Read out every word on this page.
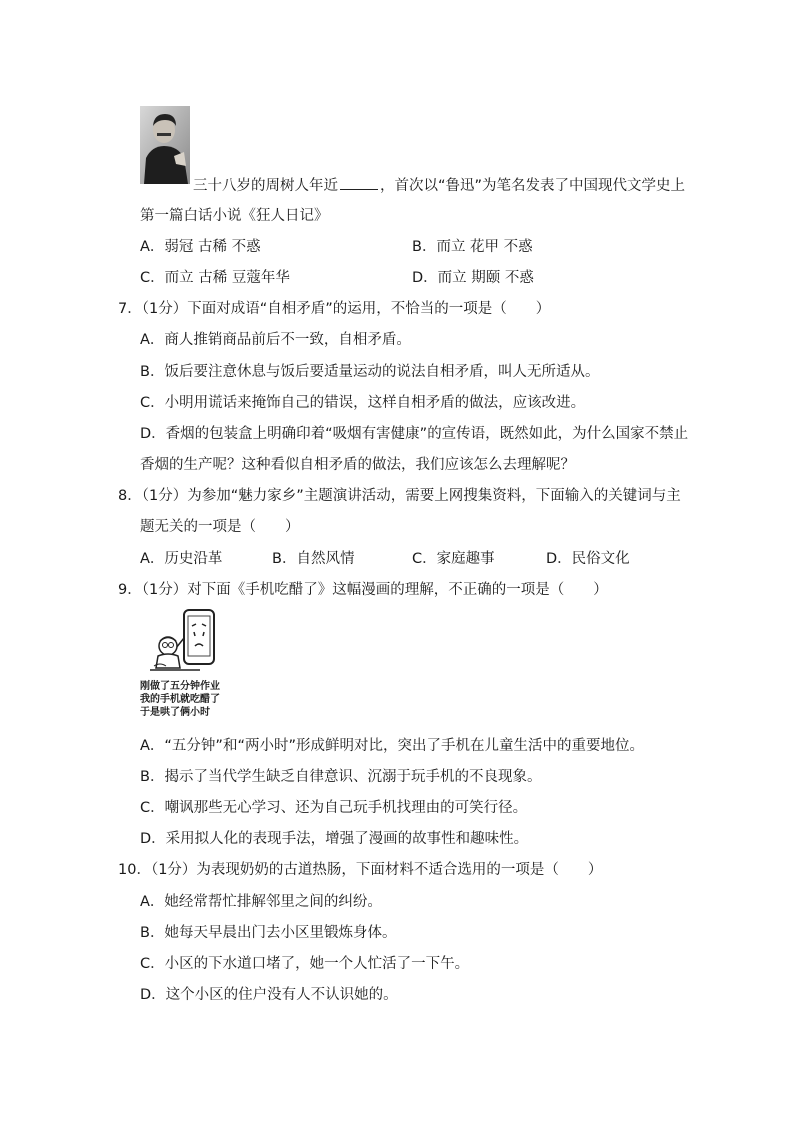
三十八岁的周树人年近	，首次以“鲁迅”为笔名发表了中国现代文学史上
第一篇白话小说《狂人日记》
A．弱冠 古稀 不惑	B．而立 花甲 不惑
C．而立 古稀 豆蔻年华	D．而立 期颐 不惑
7．（1分）下面对成语“自相矛盾”的运用，不恰当的一项是（　　）
A．商人推销商品前后不一致，自相矛盾。
B．饭后要注意休息与饭后要适量运动的说法自相矛盾，叫人无所适从。
C．小明用谎话来掩饰自己的错误，这样自相矛盾的做法，应该改进。
D．香烟的包装盒上明确印着“吸烟有害健康”的宣传语，既然如此，为什么国家不禁止
香烟的生产呢？这种看似自相矛盾的做法，我们应该怎么去理解呢？
8．（1分）为参加“魅力家乡”主题演讲活动，需要上网搜集资料，下面输入的关键词与主
题无关的一项是（　　）
A．历史沿革	B．自然风情	C．家庭趣事	D．民俗文化
9．（1分）对下面《手机吃醋了》这幅漫画的理解，不正确的一项是（　　）
刚做了五分钟作业
我的手机就吃醋了
于是哄了俩小时
A．“五分钟”和“两小时”形成鲜明对比，突出了手机在儿童生活中的重要地位。
B．揭示了当代学生缺乏自律意识、沉溺于玩手机的不良现象。
C．嘲讽那些无心学习、还为自己玩手机找理由的可笑行径。
D．采用拟人化的表现手法，增强了漫画的故事性和趣味性。
10．（1分）为表现奶奶的古道热肠，下面材料不适合选用的一项是（　　）
A．她经常帮忙排解邻里之间的纠纷。
B．她每天早晨出门去小区里锻炼身体。
C．小区的下水道口堵了，她一个人忙活了一下午。
D．这个小区的住户没有人不认识她的。
